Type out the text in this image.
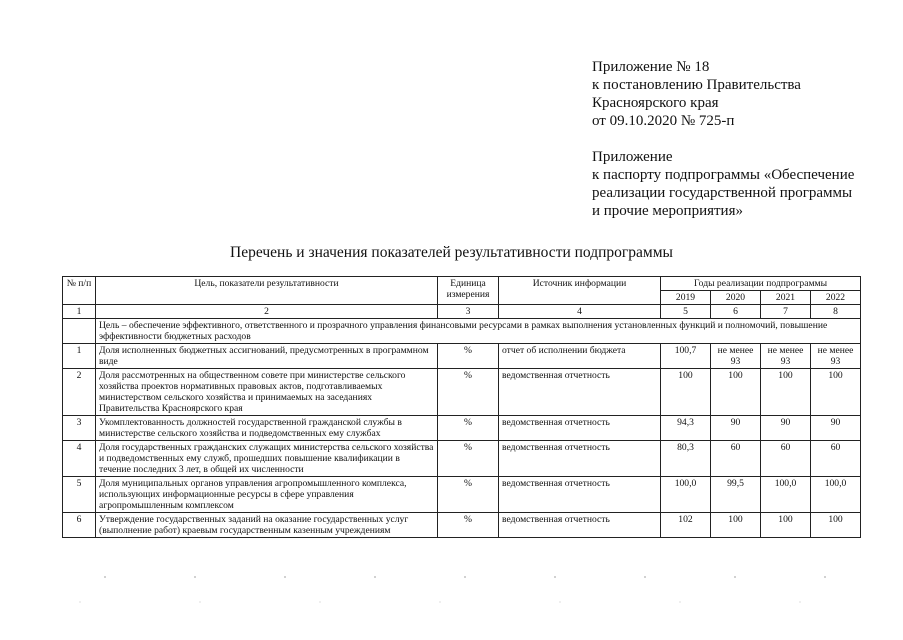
Приложение № 18

к постановлению Правительства

Красноярского края

от 09.10.2020 № 725-п

Приложение

к паспорту подпрограммы «Обеспечение

реализации государственной программы

и прочие мероприятия»

Перечень и значения показателей результативности подпрограммы
№ п/п	Цель, показатели результативности	Единица измерения	Источник информации	Годы реализации подпрограммы			
				2019	2020	2021	2022
1	2	3	4	5	6	7	8
	Цель – обеспечение эффективного, ответственного и прозрачного управления финансовыми ресурсами в рамках выполнения установленных функций и полномочий, повышение эффективности бюджетных расходов						
1	Доля исполненных бюджетных ассигнований, предусмотренных в программном виде	%	отчет об исполнении бюджета	100,7	не менее 93	не менее 93	не менее 93
2	Доля рассмотренных на общественном совете при министерстве сельского хозяйства проектов нормативных правовых актов, подготавливаемых министерством сельского хозяйства и принимаемых на заседаниях Правительства Красноярского края	%	ведомственная отчетность	100	100	100	100
3	Укомплектованность должностей государственной гражданской службы в министерстве сельского хозяйства и подведомственных ему службах	%	ведомственная отчетность	94,3	90	90	90
4	Доля государственных гражданских служащих министерства сельского хозяйства и подведомственных ему служб, прошедших повышение квалификации в течение последних 3 лет, в общей их численности	%	ведомственная отчетность	80,3	60	60	60
5	Доля муниципальных органов управления агропромышленного комплекса, использующих информационные ресурсы в сфере управления агропромышленным комплексом	%	ведомственная отчетность	100,0	99,5	100,0	100,0
6	Утверждение государственных заданий на оказание государственных услуг (выполнение работ) краевым государственным казенным учреждениям	%	ведомственная отчетность	102	100	100	100
